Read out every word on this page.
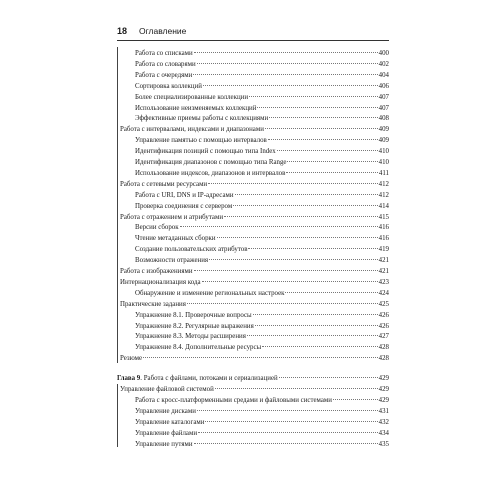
18 Оглавление
Работа со списками	400
Работа со словарями	402
Работа с очередями	404
Сортировка коллекций	406
Более специализированные коллекции	407
Использование неизменяемых коллекций	407
Эффективные приемы работы с коллекциями	408
Работа с интервалами, индексами и диапазонами	409
Управление памятью с помощью интервалов	409
Идентификация позиций с помощью типа Index	410
Идентификация диапазонов с помощью типа Range	410
Использование индексов, диапазонов и интервалов	411
Работа с сетевыми ресурсами	412
Работа с URI, DNS и IP-адресами	412
Проверка соединения с сервером	414
Работа с отражением и атрибутами	415
Версии сборок	416
Чтение метаданных сборки	416
Создание пользовательских атрибутов	419
Возможности отражения	421
Работа с изображениями	421
Интернационализация кода	423
Обнаружение и изменение региональных настроек	424
Практические задания	425
Упражнение 8.1. Проверочные вопросы	426
Упражнение 8.2. Регулярные выражения	426
Упражнение 8.3. Методы расширения	427
Упражнение 8.4. Дополнительные ресурсы	428
Резюме	428
Глава 9. Работа с файлами, потоками и сериализацией	429
Управление файловой системой	429
Работа с кросс-платформенными средами и файловыми системами	429
Управление дисками	431
Управление каталогами	432
Управление файлами	434
Управление путями	435
